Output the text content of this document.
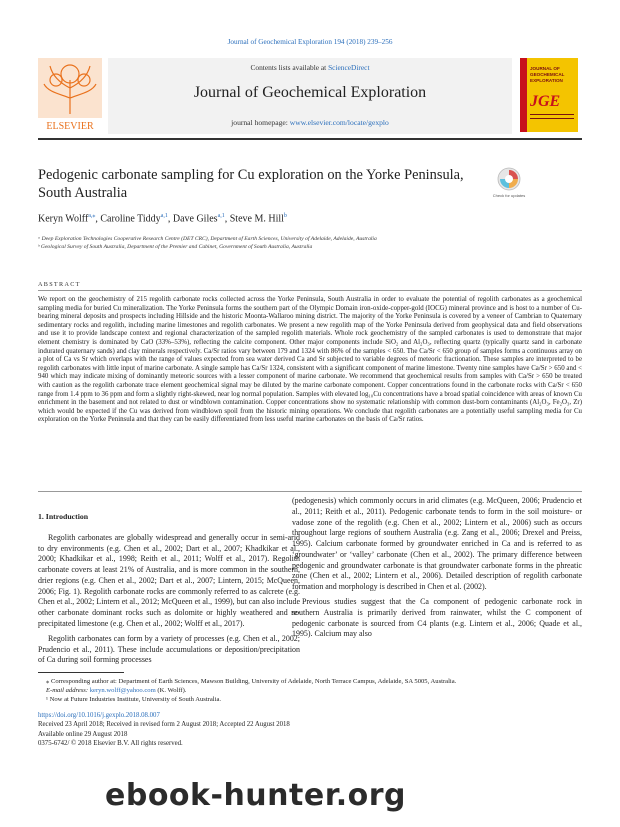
Journal of Geochemical Exploration 194 (2018) 239–256
ELSEVIER
Contents lists available at ScienceDirect
Journal of Geochemical Exploration
journal homepage: www.elsevier.com/locate/gexplo
JOURNAL OF
GEOCHEMICAL
EXPLORATION
JGE
Pedogenic carbonate sampling for Cu exploration on the Yorke Peninsula, South Australia	Check for updates
Keryn Wolff$^{a,⁎}$, Caroline Tiddy$^{a,1}$, Dave Giles$^{a,1}$, Steve M. Hill$^b$
ᵃ Deep Exploration Technologies Cooperative Research Centre (DET CRC), Department of Earth Sciences, University of Adelaide, Adelaide, Australia
ᵇ Geological Survey of South Australia, Department of the Premier and Cabinet, Government of South Australia, Australia
ABSTRACT

We report on the geochemistry of 215 regolith carbonate rocks collected across the Yorke Peninsula, South Australia in order to evaluate the potential of regolith carbonates as a geochemical sampling media for buried Cu mineralization. The Yorke Peninsula forms the southern part of the Olympic Domain iron-oxide-copper-gold (IOCG) mineral province and is host to a number of Cu-bearing mineral deposits and prospects including Hillside and the historic Moonta-Wallaroo mining district. The majority of the Yorke Peninsula is covered by a veneer of Cambrian to Quaternary sedimentary rocks and regolith, including marine limestones and regolith carbonates. We present a new regolith map of the Yorke Peninsula derived from geophysical data and field observations and use it to provide landscape context and regional characterization of the sampled regolith materials. Whole rock geochemistry of the sampled carbonates is used to demonstrate that major element chemistry is dominated by CaO (33%–53%), reflecting the calcite component. Other major components include SiO₂ and Al₂O₃, reflecting quartz (typically quartz sand in carbonate indurated quaternary sands) and clay minerals respectively. Ca/Sr ratios vary between 179 and 1324 with 86% of the samples < 650. The Ca/Sr < 650 group of samples forms a continuous array on a plot of Ca vs Sr which overlaps with the range of values expected from sea water derived Ca and Sr subjected to variable degrees of meteoric fractionation. These samples are interpreted to be regolith carbonates with little input of marine carbonate. A single sample has Ca/Sr 1324, consistent with a significant component of marine limestone. Twenty nine samples have Ca/Sr > 650 and < 940 which may indicate mixing of dominantly meteoric sources with a lesser component of marine carbonate. We recommend that geochemical results from samples with Ca/Sr > 650 be treated with caution as the regolith carbonate trace element geochemical signal may be diluted by the marine carbonate component. Copper concentrations found in the carbonate rocks with Ca/Sr < 650 range from 1.4 ppm to 36 ppm and form a slightly right-skewed, near log normal population. Samples with elevated log₁₀Cu concentrations have a broad spatial coincidence with areas of known Cu enrichment in the basement and not related to dust or windblown contamination. Copper concentrations show no systematic relationship with common dust-born contaminants (Al₂O₃, Fe₂O₃, Zr) which would be expected if the Cu was derived from windblown spoil from the historic mining operations. We conclude that regolith carbonates are a potentially useful sampling media for Cu exploration on the Yorke Peninsula and that they can be easily differentiated from less useful marine carbonates on the basis of Ca/Sr ratios.

1. Introduction

Regolith carbonates are globally widespread and generally occur in semi-arid to dry environments (e.g. Chen et al., 2002; Dart et al., 2007; Khadkikar et al., 2000; Khadkikar et al., 1998; Reith et al., 2011; Wolff et al., 2017). Regolith carbonate covers at least 21% of Australia, and is more common in the southern, drier regions (e.g. Chen et al., 2002; Dart et al., 2007; Lintern, 2015; McQueen, 2006; Fig. 1). Regolith carbonate rocks are commonly referred to as calcrete (e.g. Chen et al., 2002; Lintern et al., 2012; McQueen et al., 1999), but can also include other carbonate dominant rocks such as dolomite or highly weathered and re-precipitated limestone (e.g. Chen et al., 2002; Wolff et al., 2017).

Regolith carbonates can form by a variety of processes (e.g. Chen et al., 2002; Prudencio et al., 2011). These include accumulations or deposition/precipitation of Ca during soil forming processes

(pedogenesis) which commonly occurs in arid climates (e.g. McQueen, 2006; Prudencio et al., 2011; Reith et al., 2011). Pedogenic carbonate tends to form in the soil moisture- or vadose zone of the regolith (e.g. Chen et al., 2002; Lintern et al., 2006) such as occurs throughout large regions of southern Australia (e.g. Zang et al., 2006; Drexel and Preiss, 1995). Calcium carbonate formed by groundwater enriched in Ca and is referred to as ‘groundwater’ or ‘valley’ carbonate (Chen et al., 2002). The primary difference between pedogenic and groundwater carbonate is that groundwater carbonate forms in the phreatic zone (Chen et al., 2002; Lintern et al., 2006). Detailed description of regolith carbonate formation and morphology is described in Chen et al. (2002).

Previous studies suggest that the Ca component of pedogenic carbonate rock in southern Australia is primarily derived from rainwater, whilst the C component of pedogenic carbonate is sourced from C4 plants (e.g. Lintern et al., 2006; Quade et al., 1995). Calcium may also

⁎ Corresponding author at: Department of Earth Sciences, Mawson Building, University of Adelaide, North Terrace Campus, Adelaide, SA 5005, Australia.
E-mail address: keryn.wolff@yahoo.com (K. Wolff).
¹ Now at Future Industries Institute, University of South Australia.
https://doi.org/10.1016/j.gexplo.2018.08.007
Received 23 April 2018; Received in revised form 2 August 2018; Accepted 22 August 2018
Available online 29 August 2018
0375-6742/ © 2018 Elsevier B.V. All rights reserved.
ebook-hunter.org
